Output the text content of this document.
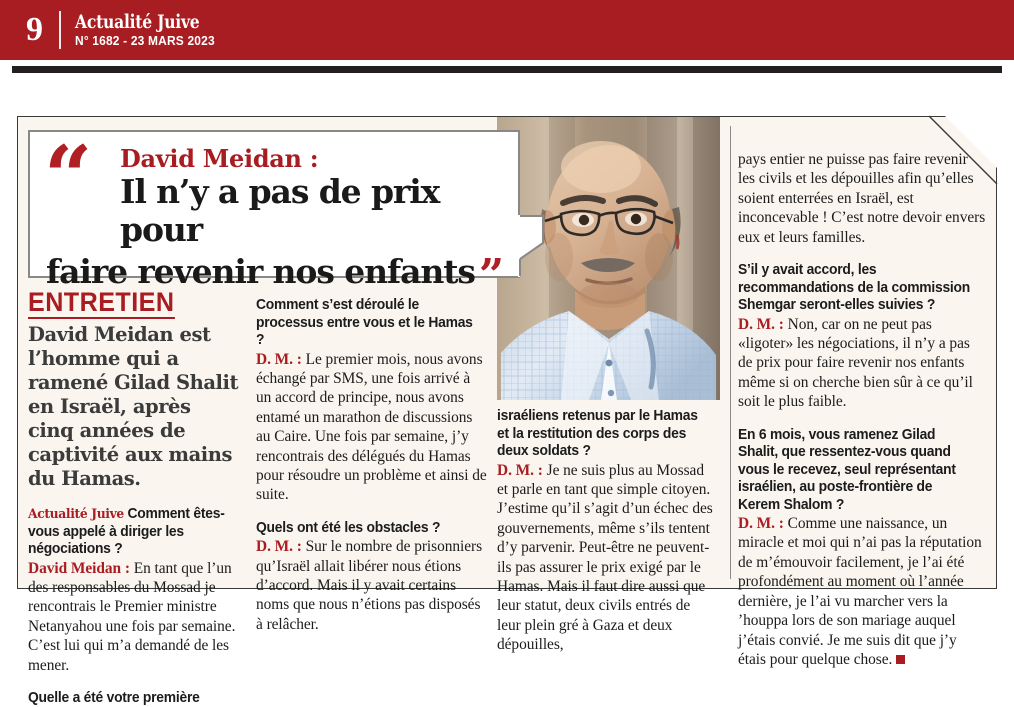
9	Actualité Juive
N° 1682 - 23 MARS 2023
“ David Meidan :
Il n’y a pas de prix pour
faire revenir nos enfants”
ENTRETIEN
David Meidan est l’homme qui a ramené Gilad Shalit en Israël, après cinq années de captivité aux mains du Hamas.
Actualité Juive Comment êtes-vous appelé à diriger les négociations ?
David Meidan : En tant que l’un des responsables du Mossad je rencontrais le Premier ministre Netanyahou une fois par semaine. C’est lui qui m’a demandé de les mener.
Quelle a été votre première
Comment s’est déroulé le processus entre vous et le Hamas ?
D. M. : Le premier mois, nous avons échangé par SMS, une fois arrivé à un accord de principe, nous avons entamé un marathon de discussions au Caire. Une fois par semaine, j’y rencontrais des délégués du Hamas pour résoudre un problème et ainsi de suite.
Quels ont été les obstacles ?
D. M. : Sur le nombre de prisonniers qu’Israël allait libérer nous étions d’accord. Mais il y avait certains noms que nous n’étions pas disposés à relâcher.
israéliens retenus par le Hamas et la restitution des corps des deux soldats ?
D. M. : Je ne suis plus au Mossad et parle en tant que simple citoyen. J’estime qu’il s’agit d’un échec des gouvernements, même s’ils tentent d’y parvenir. Peut-être ne peuvent-ils pas assurer le prix exigé par le Hamas. Mais il faut dire aussi que leur statut, deux civils entrés de leur plein gré à Gaza et deux dépouilles,
pays entier ne puisse pas faire revenir les civils et les dépouilles afin qu’elles soient enterrées en Israël, est inconcevable ! C’est notre devoir envers eux et leurs familles.
S’il y avait accord, les recommandations de la commission Shemgar seront-elles suivies ?
D. M. : Non, car on ne peut pas «ligoter» les négociations, il n’y a pas de prix pour faire revenir nos enfants même si on cherche bien sûr à ce qu’il soit le plus faible.
En 6 mois, vous ramenez Gilad Shalit, que ressentez-vous quand vous le recevez, seul représentant israélien, au poste-frontière de Kerem Shalom ?
D. M. : Comme une naissance, un miracle et moi qui n’ai pas la réputation de m’émouvoir facilement, je l’ai été profondément au moment où l’année dernière, je l’ai vu marcher vers la ’houppa lors de son mariage auquel j’étais convié. Je me suis dit que j’y étais pour quelque chose.
